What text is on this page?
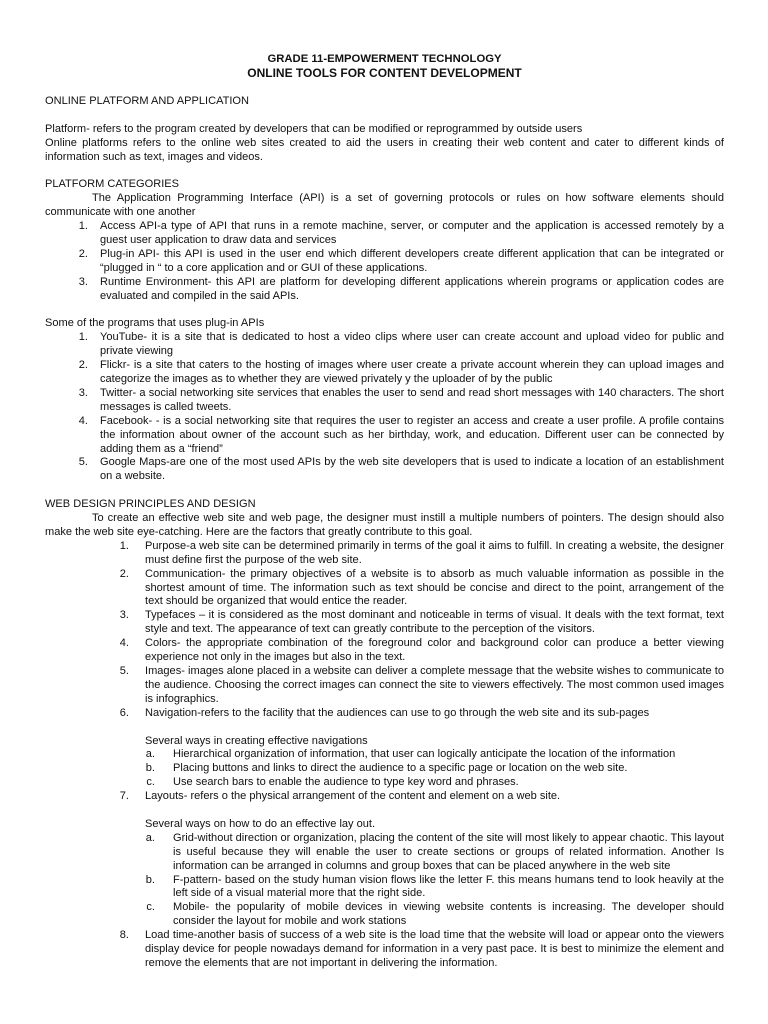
GRADE 11-EMPOWERMENT TECHNOLOGY
ONLINE TOOLS FOR CONTENT DEVELOPMENT
ONLINE PLATFORM AND APPLICATION

Platform- refers to the program created by developers that can be modified or reprogrammed by outside users

Online platforms refers to the online web sites created to aid the users in creating their web content and cater to different kinds of information such as text, images and videos.

PLATFORM CATEGORIES

The Application Programming Interface (API) is a set of governing protocols or rules on how software elements should communicate with one another

1.	Access API-a type of API that runs in a remote machine, server, or computer and the application is accessed remotely by a guest user application to draw data and services
2.	Plug-in API- this API is used in the user end which different developers create different application that can be integrated or “plugged in “ to a core application and or GUI of these applications.
3.	Runtime Environment- this API are platform for developing different applications wherein programs or application codes are evaluated and compiled in the said APIs.
Some of the programs that uses plug-in APIs
1.	YouTube- it is a site that is dedicated to host a video clips where user can create account and upload video for public and private viewing
2.	Flickr- is a site that caters to the hosting of images where user create a private account wherein they can upload images and categorize the images as to whether they are viewed privately y the uploader of by the public
3.	Twitter- a social networking site services that enables the user to send and read short messages with 140 characters. The short messages is called tweets.
4.	Facebook- - is a social networking site that requires the user to register an access and create a user profile. A profile contains the information about owner of the account such as her birthday, work, and education. Different user can be connected by adding them as a “friend”
5.	Google Maps-are one of the most used APIs by the web site developers that is used to indicate a location of an establishment on a website.
WEB DESIGN PRINCIPLES AND DESIGN

To create an effective web site and web page, the designer must instill a multiple numbers of pointers. The design should also make the web site eye-catching. Here are the factors that greatly contribute to this goal.

1.	Purpose-a web site can be determined primarily in terms of the goal it aims to fulfill. In creating a website, the designer must define first the purpose of the web site.
2.	Communication- the primary objectives of a website is to absorb as much valuable information as possible in the shortest amount of time. The information such as text should be concise and direct to the point, arrangement of the text should be organized that would entice the reader.
3.	Typefaces – it is considered as the most dominant and noticeable in terms of visual. It deals with the text format, text style and text. The appearance of text can greatly contribute to the perception of the visitors.
4.	Colors- the appropriate combination of the foreground color and background color can produce a better viewing experience not only in the images but also in the text.
5.	Images- images alone placed in a website can deliver a complete message that the website wishes to communicate to the audience. Choosing the correct images can connect the site to viewers effectively. The most common used images is infographics.
6.	Navigation-refers to the facility that the audiences can use to go through the web site and its sub-pages
Several ways in creating effective navigations
a.	Hierarchical organization of information, that user can logically anticipate the location of the information
b.	Placing buttons and links to direct the audience to a specific page or location on the web site.
c.	Use search bars to enable the audience to type key word and phrases.
7.	Layouts- refers o the physical arrangement of the content and element on a web site.
Several ways on how to do an effective lay out.
a.	Grid-without direction or organization, placing the content of the site will most likely to appear chaotic. This layout is useful because they will enable the user to create sections or groups of related information. Another Is information can be arranged in columns and group boxes that can be placed anywhere in the web site
b.	F-pattern- based on the study human vision flows like the letter F. this means humans tend to look heavily at the left side of a visual material more that the right side.
c.	Mobile- the popularity of mobile devices in viewing website contents is increasing. The developer should consider the layout for mobile and work stations
8.	Load time-another basis of success of a web site is the load time that the website will load or appear onto the viewers display device for people nowadays demand for information in a very past pace. It is best to minimize the element and remove the elements that are not important in delivering the information.
